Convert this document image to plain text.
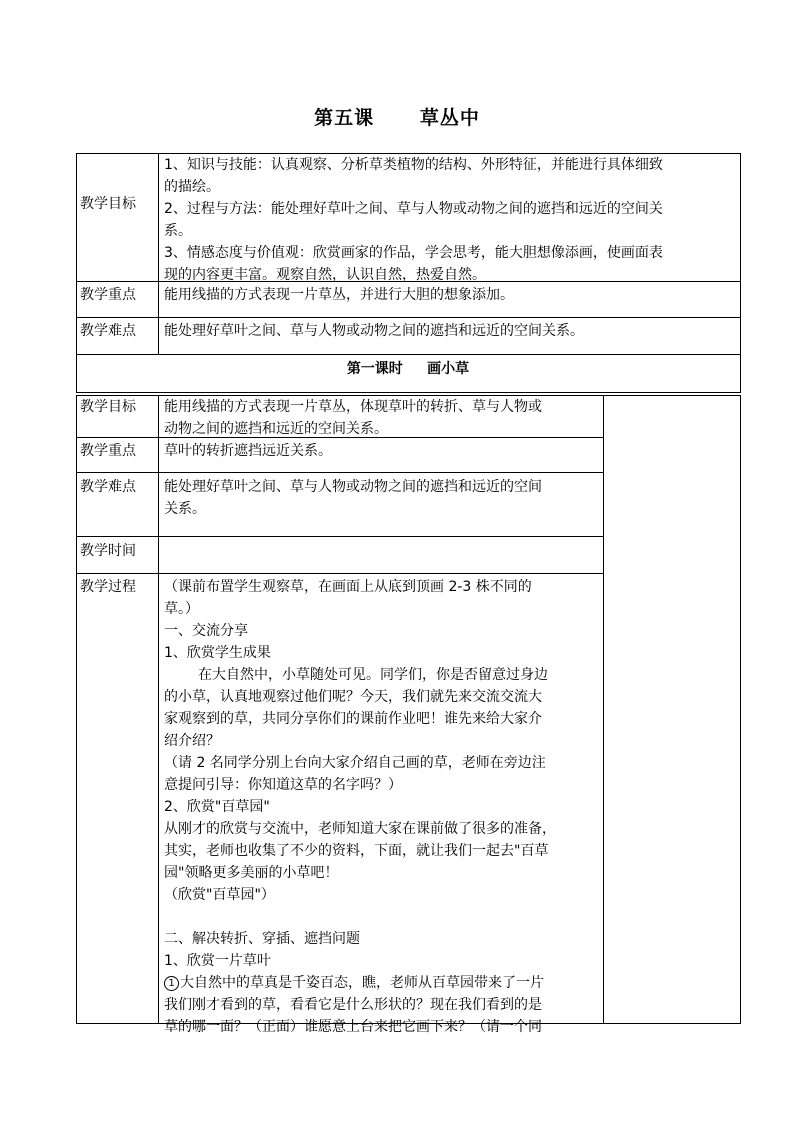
第五课      草丛中
教学目标
1、知识与技能：认真观察、分析草类植物的结构、外形特征，并能进行具体细致
的描绘。
2、过程与方法：能处理好草叶之间、草与人物或动物之间的遮挡和远近的空间关
系。
3、情感态度与价值观：欣赏画家的作品，学会思考，能大胆想像添画，使画面表
现的内容更丰富。观察自然，认识自然，热爱自然。
教学重点 能用线描的方式表现一片草丛，并进行大胆的想象添加。
教学难点 能处理好草叶之间、草与人物或动物之间的遮挡和远近的空间关系。
第一课时     画小草
教学目标 能用线描的方式表现一片草丛，体现草叶的转折、草与人物或
动物之间的遮挡和远近的空间关系。
教学重点 草叶的转折遮挡远近关系。
教学难点 能处理好草叶之间、草与人物或动物之间的遮挡和远近的空间
关系。
教学时间
教学过程 （课前布置学生观察草，在画面上从底到顶画 2-3 株不同的
草。）
一、交流分享
1、欣赏学生成果
在大自然中，小草随处可见。同学们，你是否留意过身边
的小草，认真地观察过他们呢？今天，我们就先来交流交流大
家观察到的草，共同分享你们的课前作业吧！谁先来给大家介
绍介绍？
（请 2 名同学分别上台向大家介绍自己画的草，老师在旁边注
意提问引导：你知道这草的名字吗？）
2、欣赏"百草园"
从刚才的欣赏与交流中，老师知道大家在课前做了很多的准备，
其实，老师也收集了不少的资料，下面，就让我们一起去"百草
园"领略更多美丽的小草吧！
（欣赏"百草园"）
二、解决转折、穿插、遮挡问题
1、欣赏一片草叶
1 大自然中的草真是千姿百态，瞧，老师从百草园带来了一片
我们刚才看到的草，看看它是什么形状的？现在我们看到的是
草的哪一面？（正面）谁愿意上台来把它画下来？（请一个同
